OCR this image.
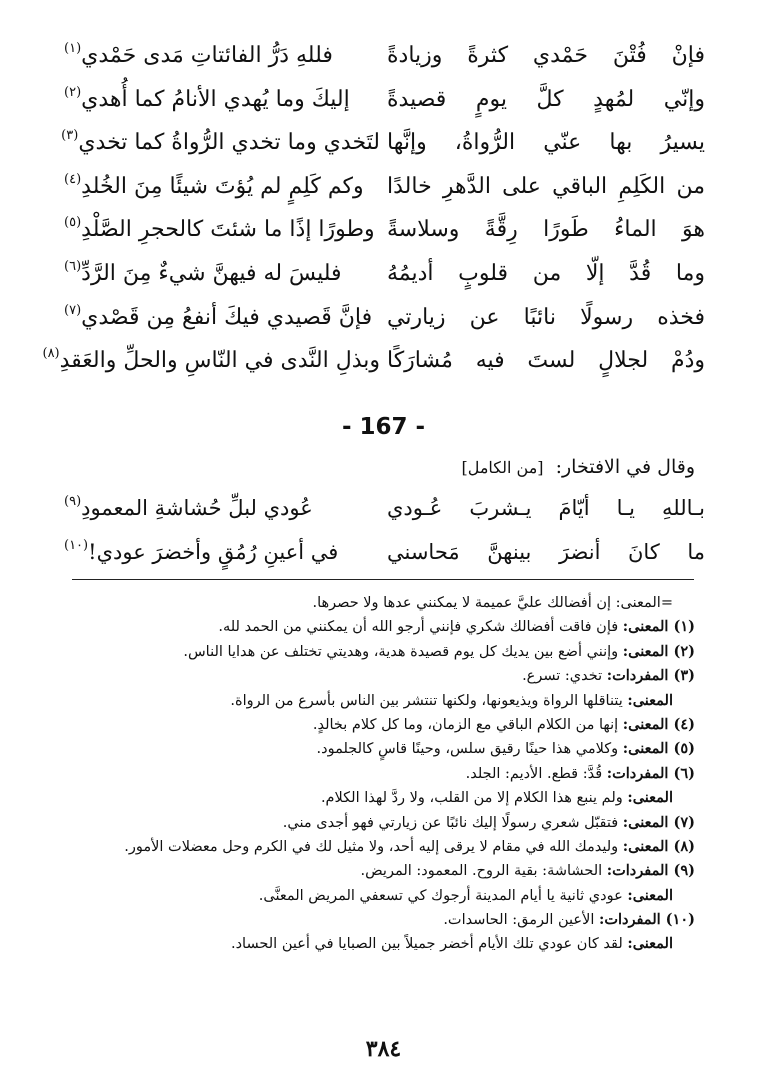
فإنْ فُتْنَ حَمْدي كثرةً وزيادةً
فللهِ دَرُّ الفائتاتِ مَدى حَمْدي$^{(١)}$
وإنّي لمُهدٍ كلَّ يومٍ قصيدةً
إليكَ وما يُهدي الأنامُ كما أُهدي$^{(٢)}$
يسيرُ بها عنّي الرُّواةُ، وإنَّها
لتَخدي وما تخدي الرُّواةُ كما تخدي$^{(٣)}$
من الكَلِمِ الباقي على الدَّهرِ خالدًا
وكم كَلِمٍ لم يُؤتَ شيئًا مِنَ الخُلدِ$^{(٤)}$
هوَ الماءُ طَورًا رِقَّةً وسلاسةً
وطورًا إذًا ما شئتَ كالحجرِ الصَّلْدِ$^{(٥)}$
وما قُدَّ إلّا من قلوبٍ أديمُهُ
فليسَ له فيهنَّ شيءٌ مِنَ الرَّدِّ$^{(٦)}$
فخذه رسولًا نائبًا عن زيارتي
فإنَّ قَصيدي فيكَ أنفعُ مِن قَصْدي$^{(٧)}$
ودُمْ لجلالٍ لستَ فيه مُشارَكًا
وبذلِ النَّدى في النّاسِ والحلِّ والعَقدِ$^{(٨)}$
- 167 -
وقال في الافتخار: [من الكامل]
بـاللهِ يـا أيّامَ يـشربَ عُـودي
عُودي لبلِّ حُشاشةِ المعمودِ$^{(٩)}$
ما كانَ أنضرَ بينهنَّ مَحاسني
في أعينِ رُمُقٍ وأخضرَ عودي!$^{(١٠)}$
=المعنى: إن أفضالك عليَّ عميمة لا يمكنني عدها ولا حصرها.
(١) المعنى: فإن فاقت أفضالك شكري فإنني أرجو الله أن يمكنني من الحمد لله.
(٢) المعنى: وإنني أضع بين يديك كل يوم قصيدة هدية، وهديتي تختلف عن هدايا الناس.
(٣) المفردات: تخدي: تسرع.
المعنى: يتناقلها الرواة ويذيعونها، ولكنها تنتشر بين الناس بأسرع من الرواة.
(٤) المعنى: إنها من الكلام الباقي مع الزمان، وما كل كلام بخالدٍ.
(٥) المعنى: وكلامي هذا حينًا رقيق سلس، وحينًا قاسٍ كالجلمود.
(٦) المفردات: قُدَّ: قطع. الأديم: الجلد.
المعنى: ولم ينبع هذا الكلام إلا من القلب، ولا ردَّ لهذا الكلام.
(٧) المعنى: فتقبّل شعري رسولًا إليك نائبًا عن زيارتي فهو أجدى مني.
(٨) المعنى: وليدمك الله في مقام لا يرقى إليه أحد، ولا مثيل لك في الكرم وحل معضلات الأمور.
(٩) المفردات: الحشاشة: بقية الروح. المعمود: المريض.
المعنى: عودي ثانية يا أيام المدينة أرجوك كي تسعفي المريض المعنَّى.
(١٠) المفردات: الأعين الرمق: الحاسدات.
المعنى: لقد كان عودي تلك الأيام أخضر جميلاً بين الصبايا في أعين الحساد.
٣٨٤
